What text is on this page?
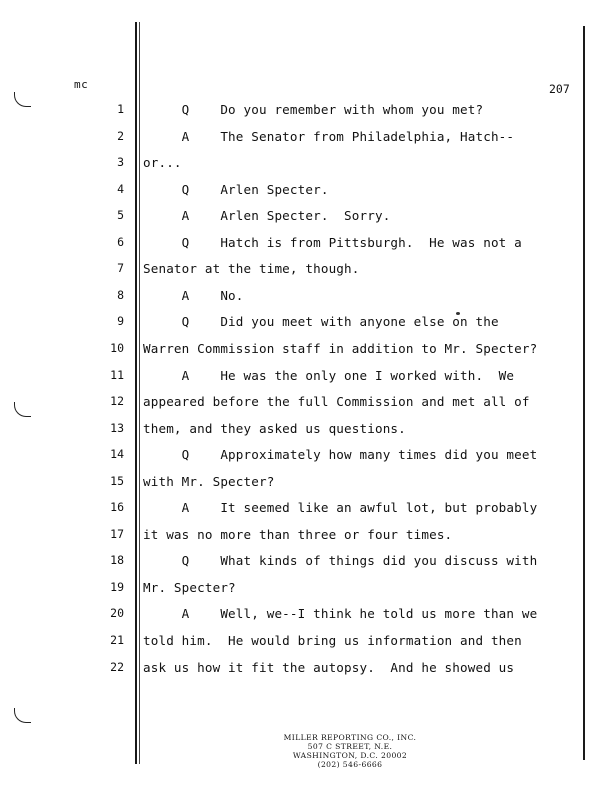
mc	207
1 Q    Do you remember with whom you met?
2 A    The Senator from Philadelphia, Hatch--
3 or...
4 Q    Arlen Specter.
5 A    Arlen Specter.  Sorry.
6 Q    Hatch is from Pittsburgh.  He was not a
7 Senator at the time, though.
8 A    No.
9 Q    Did you meet with anyone else on the
10 Warren Commission staff in addition to Mr. Specter?
11 A    He was the only one I worked with.  We
12 appeared before the full Commission and met all of
13 them, and they asked us questions.
14 Q    Approximately how many times did you meet
15 with Mr. Specter?
16 A    It seemed like an awful lot, but probably
17 it was no more than three or four times.
18 Q    What kinds of things did you discuss with
19 Mr. Specter?
20 A    Well, we--I think he told us more than we
21 told him.  He would bring us information and then
22 ask us how it fit the autopsy.  And he showed us
MILLER REPORTING CO., INC.
507 C STREET, N.E.
WASHINGTON, D.C. 20002
(202) 546-6666
